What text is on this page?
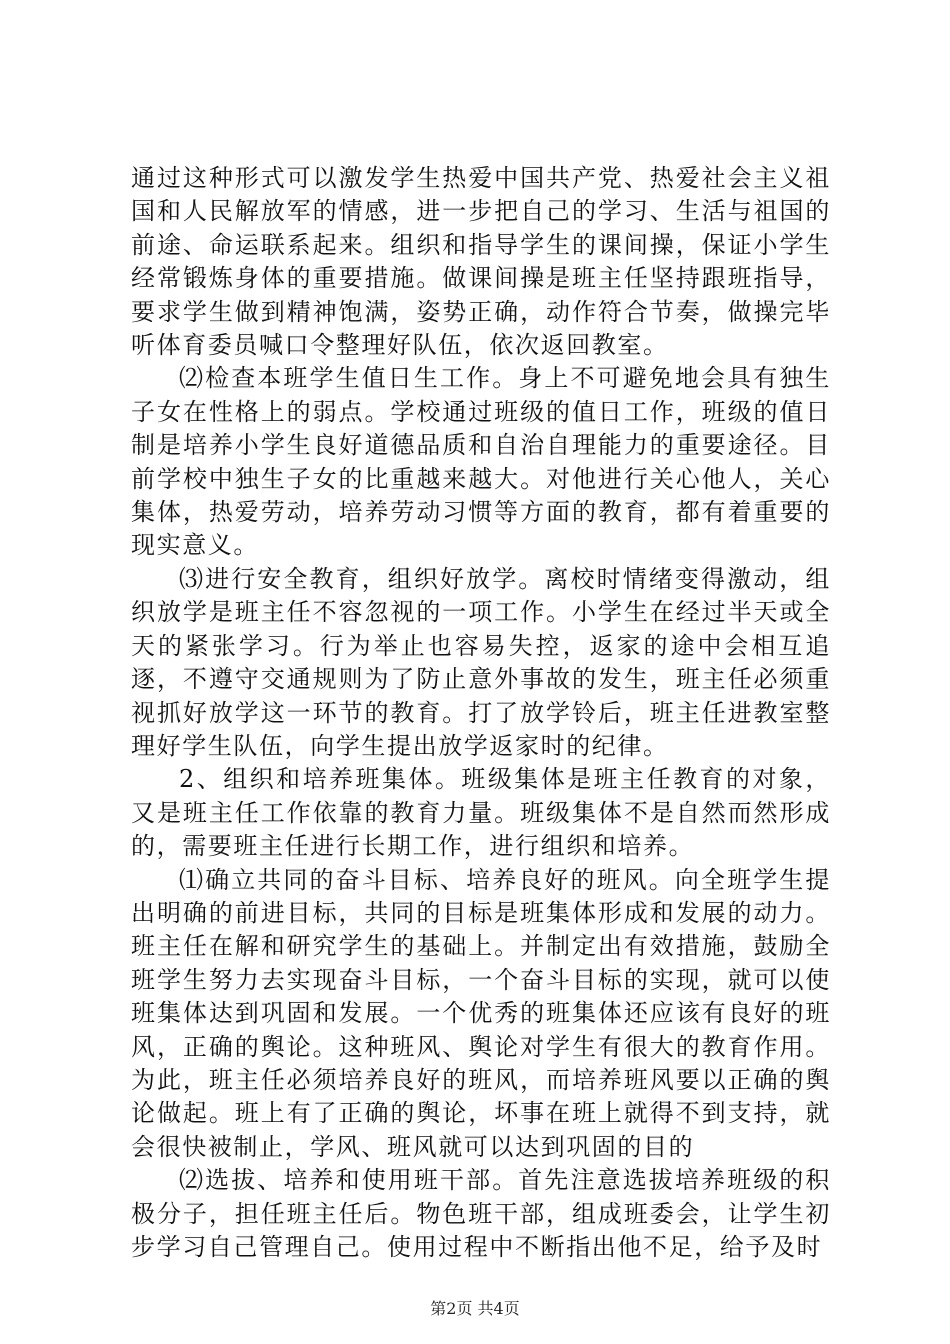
通过这种形式可以激发学生热爱中国共产党、热爱社会主义祖国和人民解放军的情感，进一步把自己的学习、生活与祖国的前途、命运联系起来。组织和指导学生的课间操，保证小学生经常锻炼身体的重要措施。做课间操是班主任坚持跟班指导，要求学生做到精神饱满，姿势正确，动作符合节奏，做操完毕听体育委员喊口令整理好队伍，依次返回教室。

⑵检查本班学生值日生工作。身上不可避免地会具有独生子女在性格上的弱点。学校通过班级的值日工作，班级的值日制是培养小学生良好道德品质和自治自理能力的重要途径。目前学校中独生子女的比重越来越大。对他进行关心他人，关心集体，热爱劳动，培养劳动习惯等方面的教育，都有着重要的现实意义。

⑶进行安全教育，组织好放学。离校时情绪变得激动，组织放学是班主任不容忽视的一项工作。小学生在经过半天或全天的紧张学习。行为举止也容易失控，返家的途中会相互追逐，不遵守交通规则为了防止意外事故的发生，班主任必须重视抓好放学这一环节的教育。打了放学铃后，班主任进教室整理好学生队伍，向学生提出放学返家时的纪律。

2、组织和培养班集体。班级集体是班主任教育的对象，又是班主任工作依靠的教育力量。班级集体不是自然而然形成的，需要班主任进行长期工作，进行组织和培养。

⑴确立共同的奋斗目标、培养良好的班风。向全班学生提出明确的前进目标，共同的目标是班集体形成和发展的动力。班主任在解和研究学生的基础上。并制定出有效措施，鼓励全班学生努力去实现奋斗目标，一个奋斗目标的实现，就可以使班集体达到巩固和发展。一个优秀的班集体还应该有良好的班风，正确的舆论。这种班风、舆论对学生有很大的教育作用。为此，班主任必须培养良好的班风，而培养班风要以正确的舆论做起。班上有了正确的舆论，坏事在班上就得不到支持，就会很快被制止，学风、班风就可以达到巩固的目的

⑵选拔、培养和使用班干部。首先注意选拔培养班级的积极分子，担任班主任后。物色班干部，组成班委会，让学生初步学习自己管理自己。使用过程中不断指出他不足，给予及时

第2页 共4页
